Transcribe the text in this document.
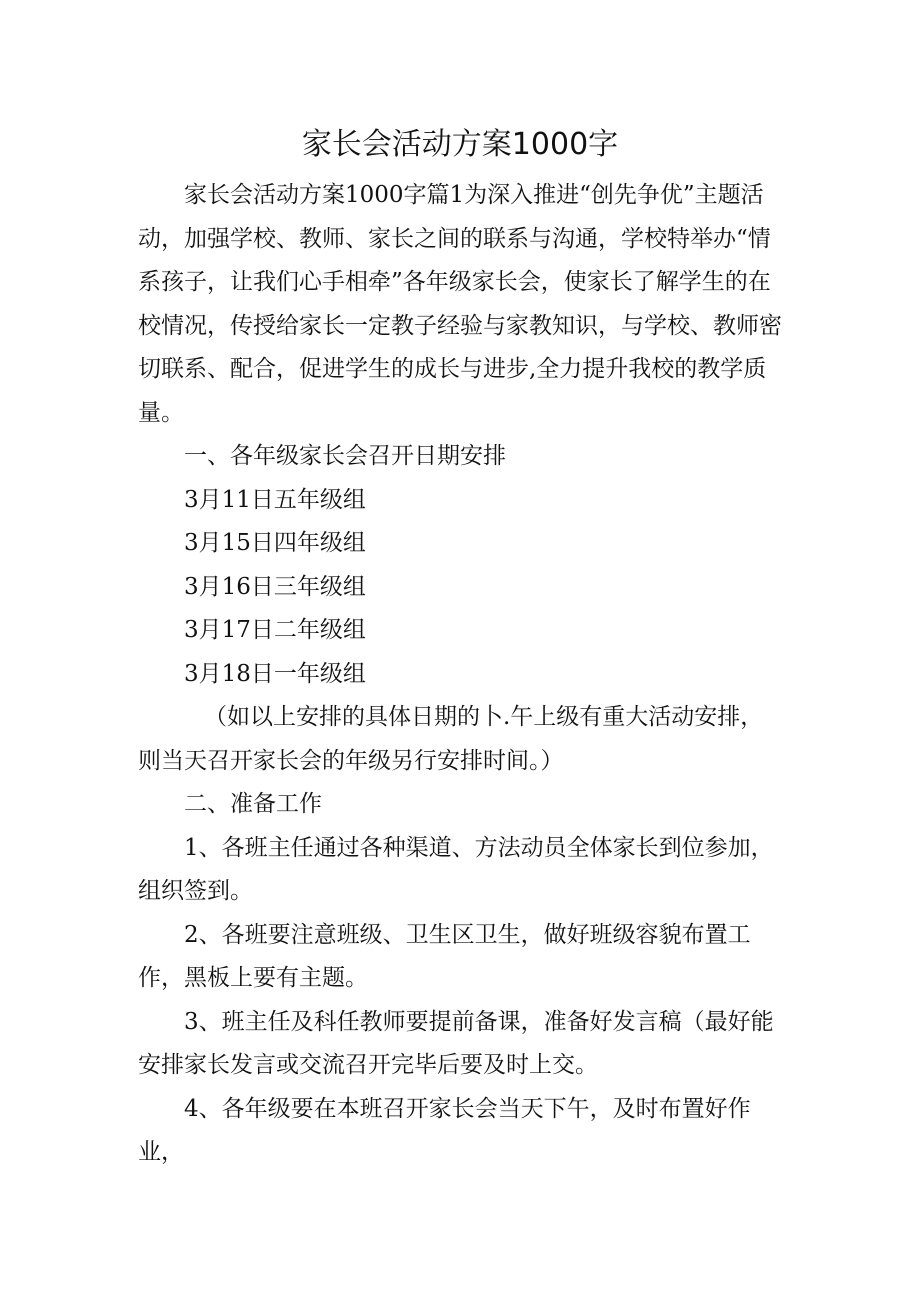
家长会活动方案1000字

家长会活动方案1000字篇1为深入推进“创先争优”主题活动，加强学校、教师、家长之间的联系与沟通，学校特举办“情系孩子，让我们心手相牵”各年级家长会，使家长了解学生的在校情况，传授给家长一定教子经验与家教知识，与学校、教师密切联系、配合，促进学生的成长与进步,全力提升我校的教学质量。

一、各年级家长会召开日期安排

3月11日五年级组

3月15日四年级组

3月16日三年级组

3月17日二年级组

3月18日一年级组

（如以上安排的具体日期的卜.午上级有重大活动安排，则当天召开家长会的年级另行安排时间。）

二、准备工作

1、各班主任通过各种渠道、方法动员全体家长到位参加，组织签到。

2、各班要注意班级、卫生区卫生，做好班级容貌布置工作，黑板上要有主题。

3、班主任及科任教师要提前备课，准备好发言稿（最好能安排家长发言或交流召开完毕后要及时上交。

4、各年级要在本班召开家长会当天下午，及时布置好作业，
